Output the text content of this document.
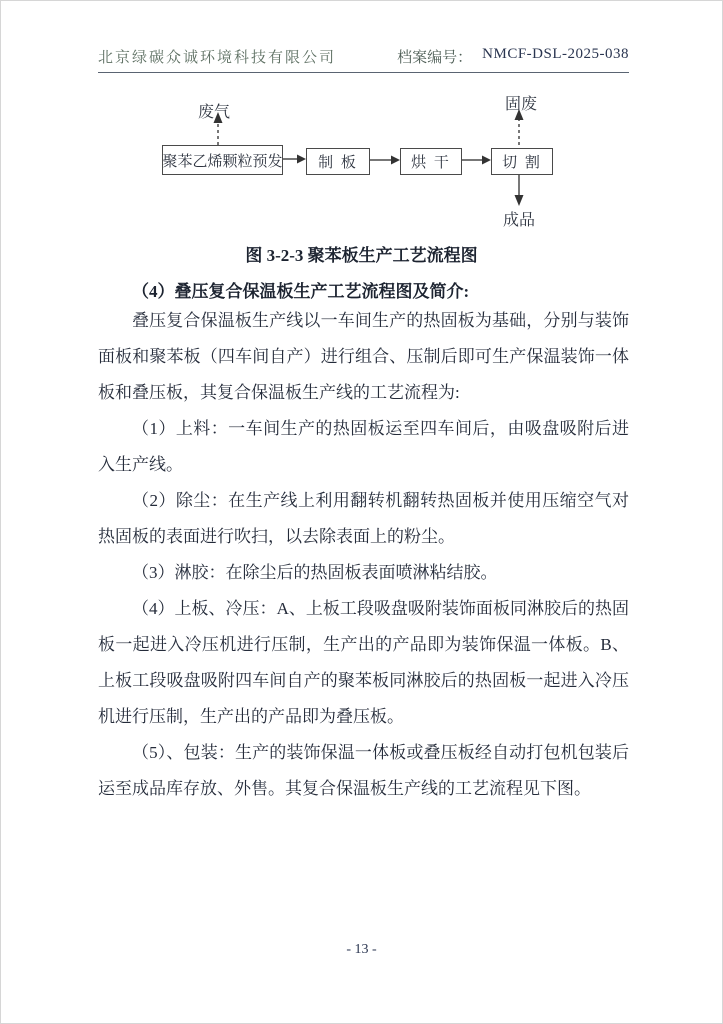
北京绿碳众诚环境科技有限公司	档案编号： NMCF-DSL-2025-038
废气	固废
聚苯乙烯颗粒预发	制 板	烘 干	切 割
成品
图 3-2-3 聚苯板生产工艺流程图
（4）叠压复合保温板生产工艺流程图及简介:

叠压复合保温板生产线以一车间生产的热固板为基础，分别与装饰面板和聚苯板（四车间自产）进行组合、压制后即可生产保温装饰一体板和叠压板，其复合保温板生产线的工艺流程为:

（1）上料：一车间生产的热固板运至四车间后，由吸盘吸附后进入生产线。

（2）除尘：在生产线上利用翻转机翻转热固板并使用压缩空气对热固板的表面进行吹扫，以去除表面上的粉尘。

（3）淋胶：在除尘后的热固板表面喷淋粘结胶。

（4）上板、冷压：A、上板工段吸盘吸附装饰面板同淋胶后的热固板一起进入冷压机进行压制，生产出的产品即为装饰保温一体板。B、上板工段吸盘吸附四车间自产的聚苯板同淋胶后的热固板一起进入冷压机进行压制，生产出的产品即为叠压板。

（5）、包装：生产的装饰保温一体板或叠压板经自动打包机包装后运至成品库存放、外售。其复合保温板生产线的工艺流程见下图。

- 13 -
